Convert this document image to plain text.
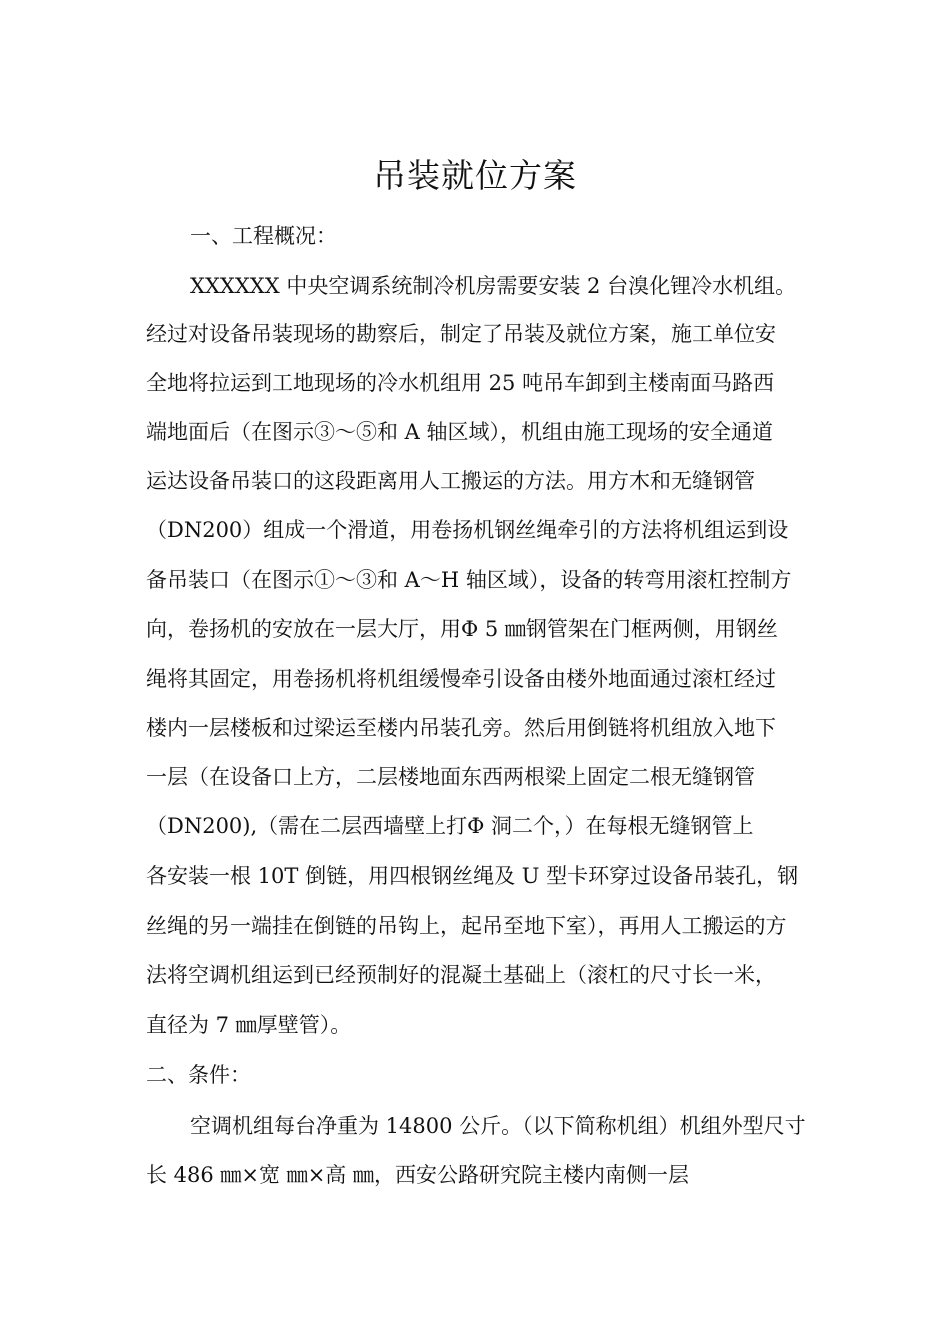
吊装就位方案
一、工程概况：
XXXXXX 中央空调系统制冷机房需要安装 2 台溴化锂冷水机组。
经过对设备吊装现场的勘察后，制定了吊装及就位方案，施工单位安
全地将拉运到工地现场的冷水机组用 25 吨吊车卸到主楼南面马路西
端地面后（在图示③～⑤和 A 轴区域），机组由施工现场的安全通道
运达设备吊装口的这段距离用人工搬运的方法。用方木和无缝钢管
（DN200）组成一个滑道，用卷扬机钢丝绳牵引的方法将机组运到设
备吊装口（在图示①～③和 A～H 轴区域），设备的转弯用滚杠控制方
向，卷扬机的安放在一层大厅，用Φ 5 ㎜钢管架在门框两侧，用钢丝
绳将其固定，用卷扬机将机组缓慢牵引设备由楼外地面通过滚杠经过
楼内一层楼板和过梁运至楼内吊装孔旁。然后用倒链将机组放入地下
一层（在设备口上方，二层楼地面东西两根梁上固定二根无缝钢管
（DN200),（需在二层西墙壁上打Φ 洞二个，）在每根无缝钢管上
各安装一根 10T 倒链，用四根钢丝绳及 U 型卡环穿过设备吊装孔，钢
丝绳的另一端挂在倒链的吊钩上，起吊至地下室），再用人工搬运的方
法将空调机组运到已经预制好的混凝土基础上（滚杠的尺寸长一米，
直径为 7 ㎜厚壁管）。
二、条件：
空调机组每台净重为 14800 公斤。（以下简称机组）机组外型尺寸
长 486 ㎜×宽 ㎜×高 ㎜，西安公路研究院主楼内南侧一层
